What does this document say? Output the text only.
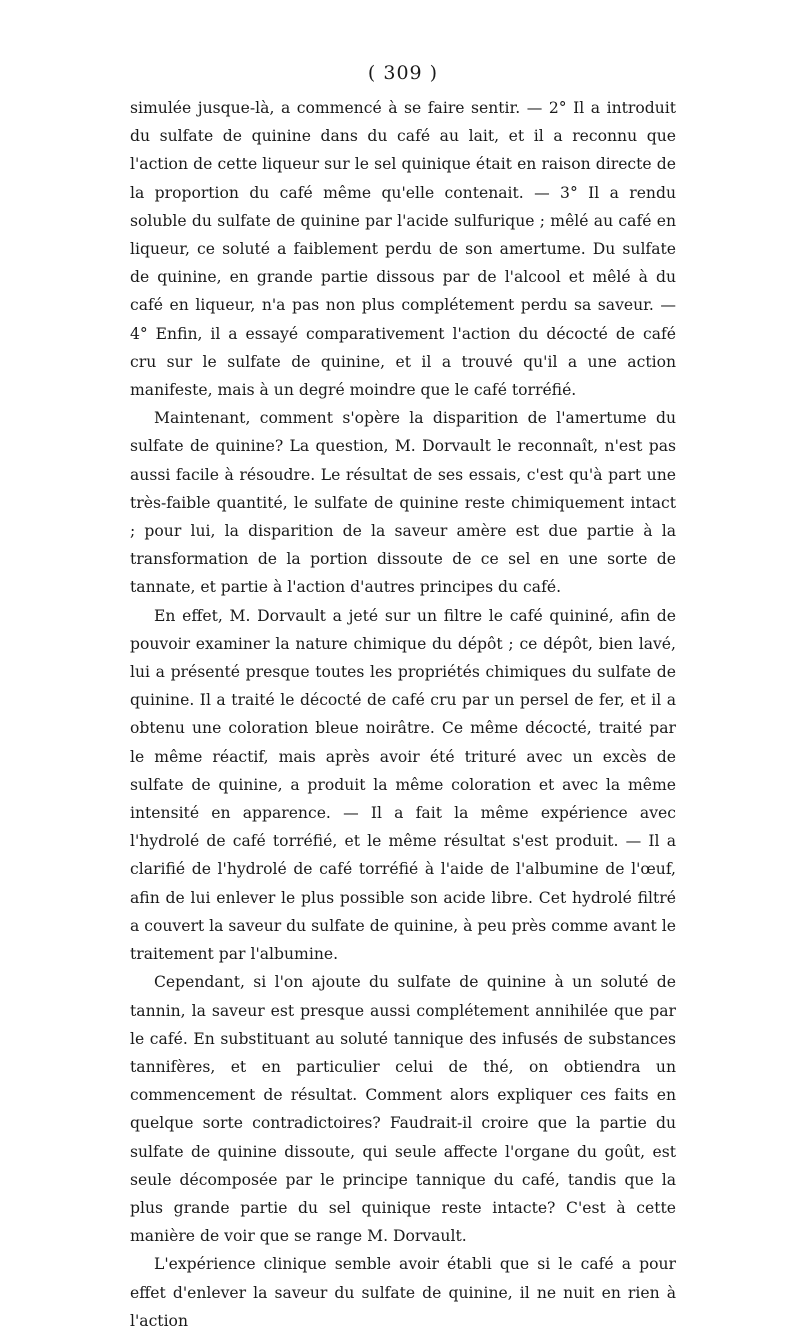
( 309 )

simulée jusque-là, a commencé à se faire sentir. — 2° Il a introduit du sulfate de quinine dans du café au lait, et il a reconnu que l'action de cette liqueur sur le sel quinique était en raison directe de la proportion du café même qu'elle contenait. — 3° Il a rendu soluble du sulfate de quinine par l'acide sulfurique ; mêlé au café en liqueur, ce soluté a faiblement perdu de son amertume. Du sulfate de quinine, en grande partie dissous par de l'alcool et mêlé à du café en liqueur, n'a pas non plus complétement perdu sa saveur. — 4° Enfin, il a essayé comparativement l'action du décocté de café cru sur le sulfate de quinine, et il a trouvé qu'il a une action manifeste, mais à un degré moindre que le café torréfié.

Maintenant, comment s'opère la disparition de l'amertume du sulfate de quinine? La question, M. Dorvault le reconnaît, n'est pas aussi facile à résoudre. Le résultat de ses essais, c'est qu'à part une très-faible quantité, le sulfate de quinine reste chimiquement intact ; pour lui, la disparition de la saveur amère est due partie à la transformation de la portion dissoute de ce sel en une sorte de tannate, et partie à l'action d'autres principes du café.

En effet, M. Dorvault a jeté sur un filtre le café quininé, afin de pouvoir examiner la nature chimique du dépôt ; ce dépôt, bien lavé, lui a présenté presque toutes les propriétés chimiques du sulfate de quinine. Il a traité le décocté de café cru par un persel de fer, et il a obtenu une coloration bleue noirâtre. Ce même décocté, traité par le même réactif, mais après avoir été trituré avec un excès de sulfate de quinine, a produit la même coloration et avec la même intensité en apparence. — Il a fait la même expérience avec l'hydrolé de café torréfié, et le même résultat s'est produit. — Il a clarifié de l'hydrolé de café torréfié à l'aide de l'albumine de l'œuf, afin de lui enlever le plus possible son acide libre. Cet hydrolé filtré a couvert la saveur du sulfate de quinine, à peu près comme avant le traitement par l'albumine.

Cependant, si l'on ajoute du sulfate de quinine à un soluté de tannin, la saveur est presque aussi complétement annihilée que par le café. En substituant au soluté tannique des infusés de substances tannifères, et en particulier celui de thé, on obtiendra un commencement de résultat. Comment alors expliquer ces faits en quelque sorte contradictoires? Faudrait-il croire que la partie du sulfate de quinine dissoute, qui seule affecte l'organe du goût, est seule décomposée par le principe tannique du café, tandis que la plus grande partie du sel quinique reste intacte? C'est à cette manière de voir que se range M. Dorvault.

L'expérience clinique semble avoir établi que si le café a pour effet d'enlever la saveur du sulfate de quinine, il ne nuit en rien à l'action
